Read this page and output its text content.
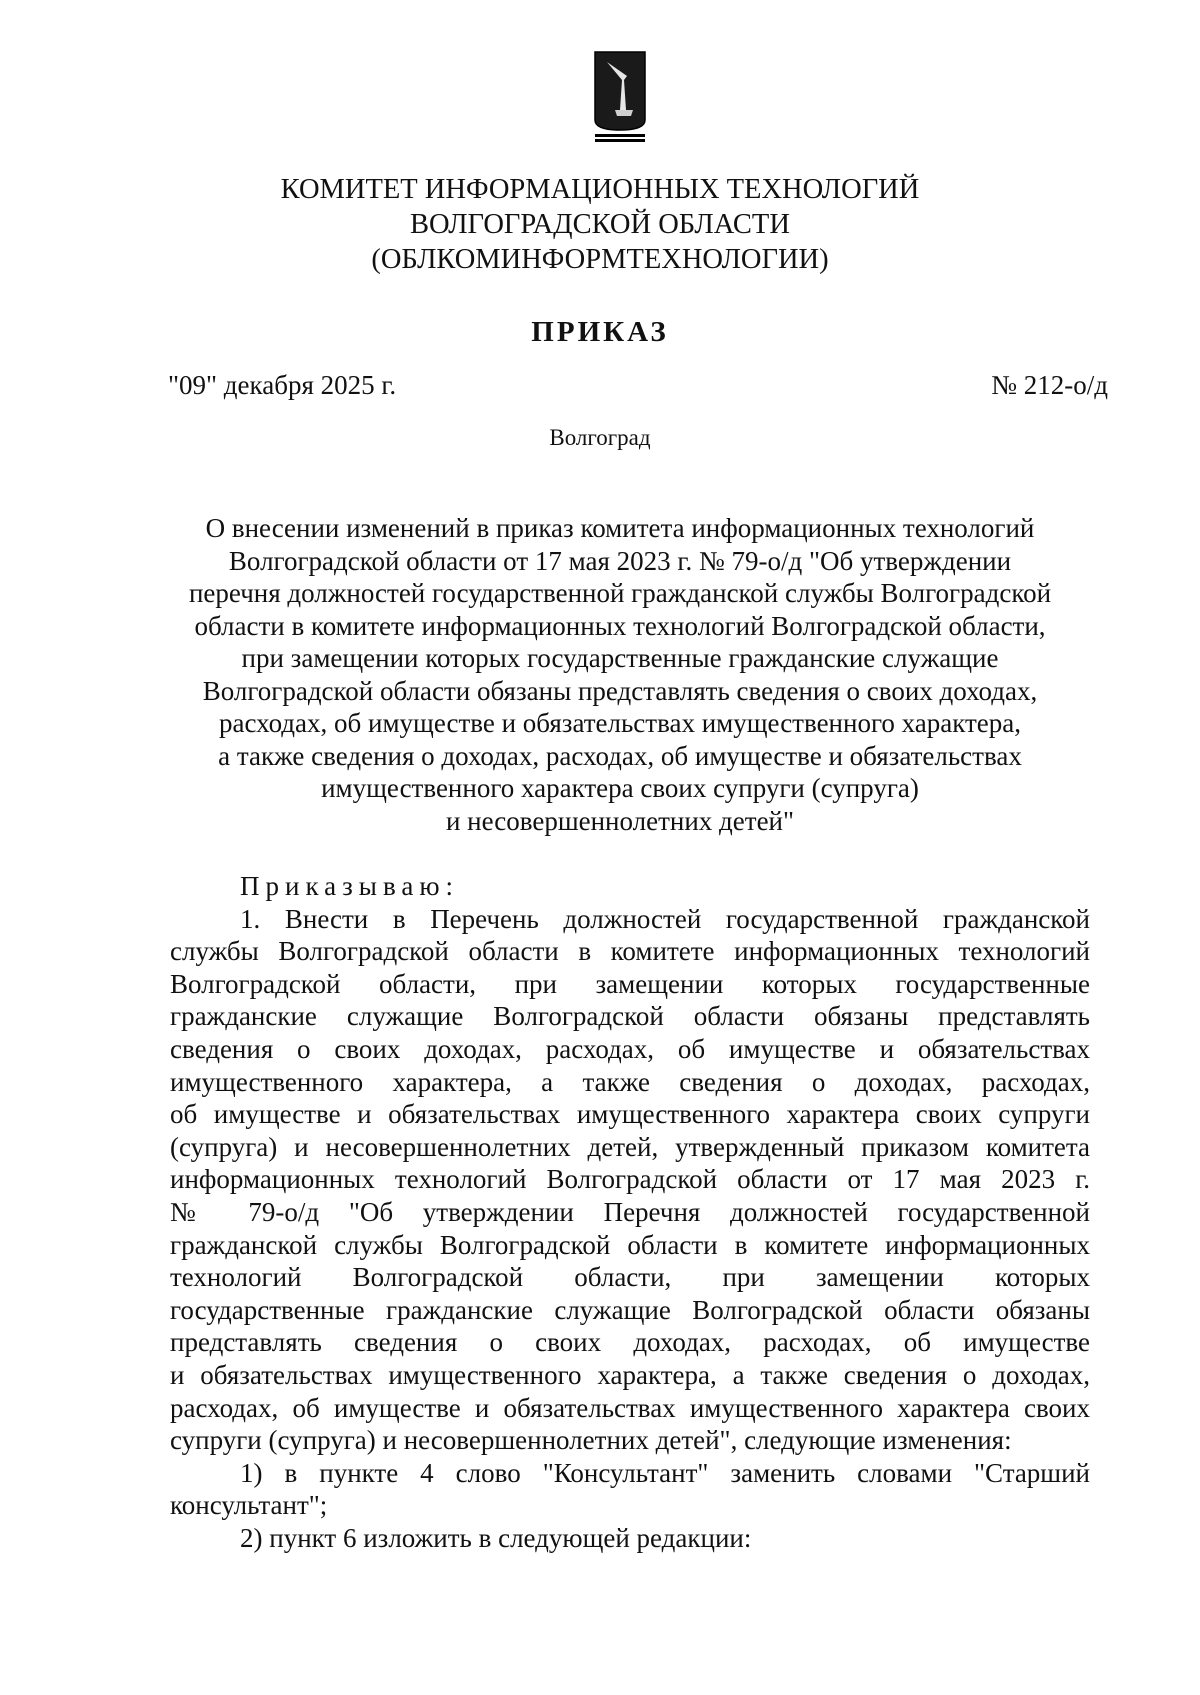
КОМИТЕТ ИНФОРМАЦИОННЫХ ТЕХНОЛОГИЙ
ВОЛГОГРАДСКОЙ ОБЛАСТИ
(ОБЛКОМИНФОРМТЕХНОЛОГИИ)
ПРИКАЗ
"09" декабря 2025 г.	№ 212-о/д
Волгоград
О внесении изменений в приказ комитета информационных технологий
Волгоградской области от 17 мая 2023 г. № 79-о/д "Об утверждении
перечня должностей государственной гражданской службы Волгоградской
области в комитете информационных технологий Волгоградской области,
при замещении которых государственные гражданские служащие
Волгоградской области обязаны представлять сведения о своих доходах,
расходах, об имуществе и обязательствах имущественного характера,
а также сведения о доходах, расходах, об имуществе и обязательствах
имущественного характера своих супруги (супруга)
и несовершеннолетних детей"
Приказываю:
1. Внести в Перечень должностей государственной гражданской
службы Волгоградской области в комитете информационных технологий
Волгоградской области, при замещении которых государственные
гражданские служащие Волгоградской области обязаны представлять
сведения о своих доходах, расходах, об имуществе и обязательствах
имущественного характера, а также сведения о доходах, расходах,
об имуществе и обязательствах имущественного характера своих супруги
(супруга) и несовершеннолетних детей, утвержденный приказом комитета
информационных технологий Волгоградской области от 17 мая 2023 г.
№ 79-о/д "Об утверждении Перечня должностей государственной
гражданской службы Волгоградской области в комитете информационных
технологий Волгоградской области, при замещении которых
государственные гражданские служащие Волгоградской области обязаны
представлять сведения о своих доходах, расходах, об имуществе
и обязательствах имущественного характера, а также сведения о доходах,
расходах, об имуществе и обязательствах имущественного характера своих
супруги (супруга) и несовершеннолетних детей", следующие изменения:
1) в пункте 4 слово "Консультант" заменить словами "Старший
консультант";
2) пункт 6 изложить в следующей редакции:
